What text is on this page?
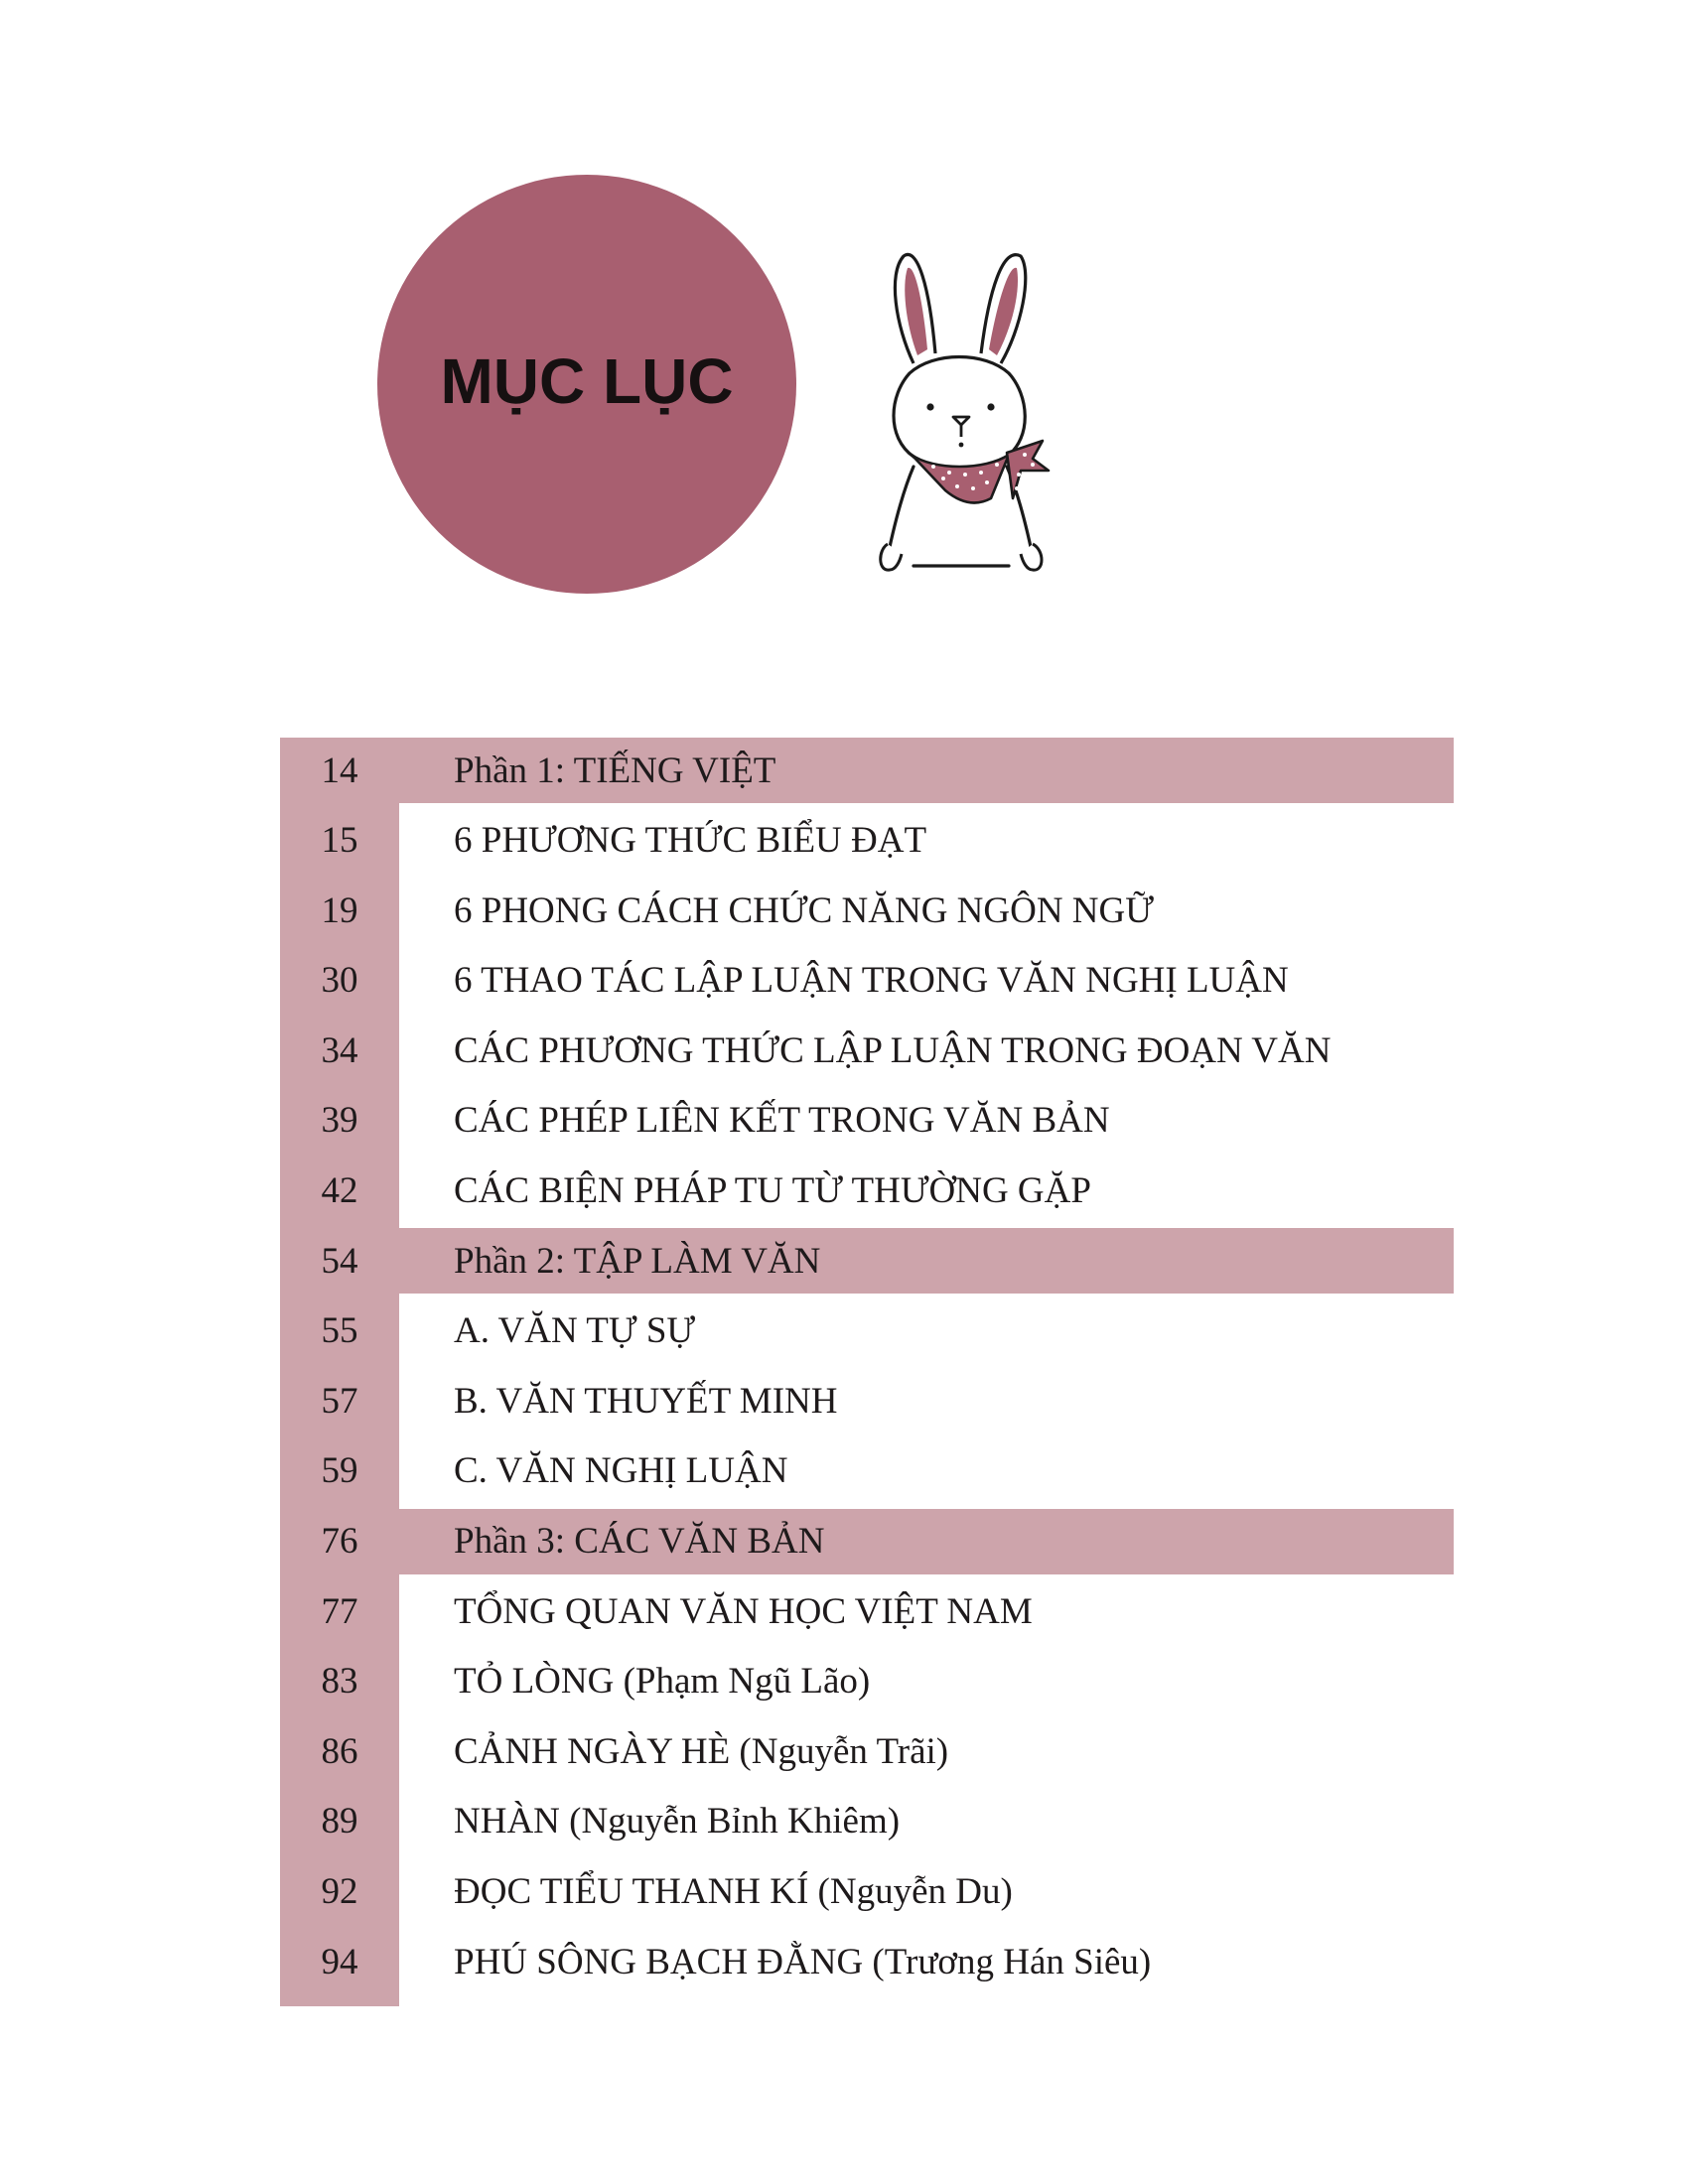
MỤC LỤC
14	Phần 1: TIẾNG VIỆT
15	6 PHƯƠNG THỨC BIỂU ĐẠT
19	6 PHONG CÁCH CHỨC NĂNG NGÔN NGỮ
30	6 THAO TÁC LẬP LUẬN TRONG VĂN NGHỊ LUẬN
34	CÁC PHƯƠNG THỨC LẬP LUẬN TRONG ĐOẠN VĂN
39	CÁC PHÉP LIÊN KẾT TRONG VĂN BẢN
42	CÁC BIỆN PHÁP TU TỪ THƯỜNG GẶP
54	Phần 2: TẬP LÀM VĂN
55	A. VĂN TỰ SỰ
57	B. VĂN THUYẾT MINH
59	C. VĂN NGHỊ LUẬN
76	Phần 3: CÁC VĂN BẢN
77	TỔNG QUAN VĂN HỌC VIỆT NAM
83	TỎ LÒNG (Phạm Ngũ Lão)
86	CẢNH NGÀY HÈ (Nguyễn Trãi)
89	NHÀN (Nguyễn Bỉnh Khiêm)
92	ĐỌC TIỂU THANH KÍ (Nguyễn Du)
94	PHÚ SÔNG BẠCH ĐẰNG (Trương Hán Siêu)
